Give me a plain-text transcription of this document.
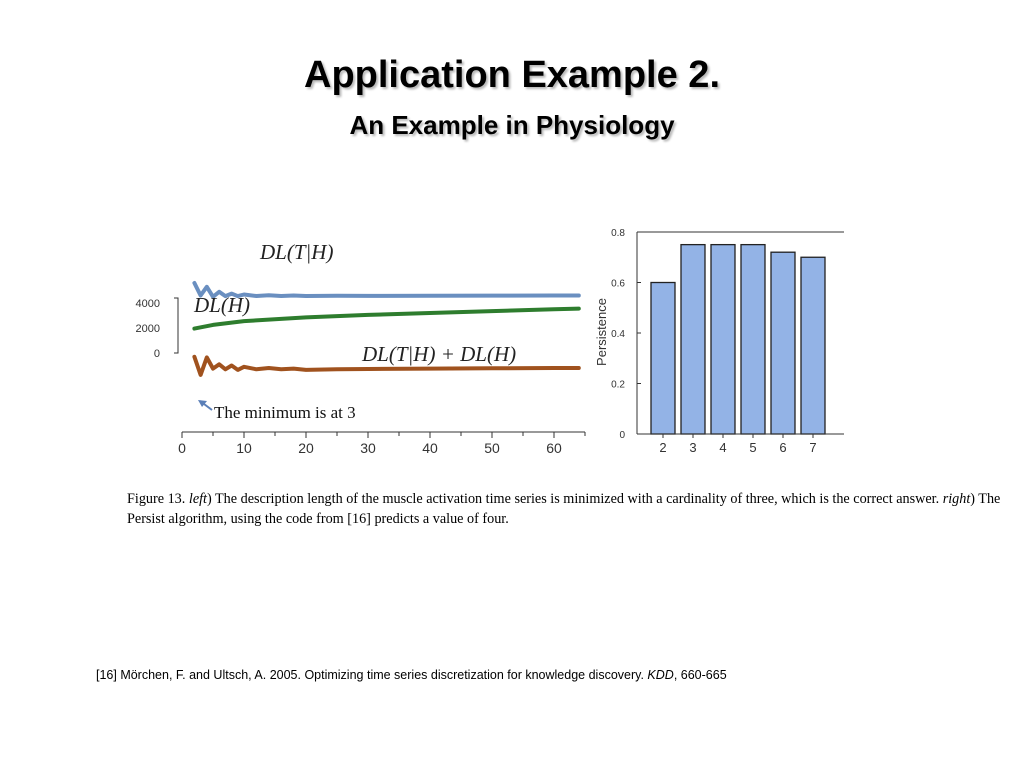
Application Example 2.
An Example in Physiology
0
2000
4000
0	10	20	30	40	50	60
DL(T|H)
DL(H)
DL(T|H) + DL(H)
The minimum is at 3
0
0.2
0.4
0.6
0.8
2 3 4 5 6 7
Persistence
Figure 13. left) The description length of the muscle activation time series is minimized with a cardinality of three, which is the correct answer. right) The Persist algorithm, using the code from [16] predicts a value of four.
[16] Mörchen, F. and Ultsch, A. 2005. Optimizing time series discretization for knowledge discovery. KDD, 660-665
